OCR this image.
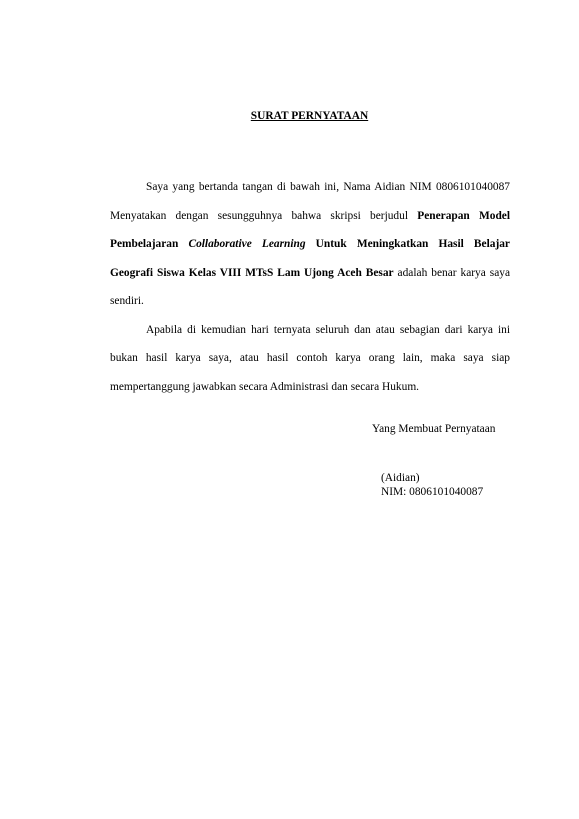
SURAT PERNYATAAN

Saya yang bertanda tangan di bawah ini, Nama Aidian NIM 0806101040087 Menyatakan dengan sesungguhnya bahwa skripsi berjudul Penerapan Model Pembelajaran Collaborative Learning Untuk Meningkatkan Hasil Belajar Geografi Siswa Kelas VIII MTsS Lam Ujong Aceh Besar adalah benar karya saya sendiri.

Apabila di kemudian hari ternyata seluruh dan atau sebagian dari karya ini bukan hasil karya saya, atau hasil contoh karya orang lain, maka saya siap mempertanggung jawabkan secara Administrasi dan secara Hukum.

Yang Membuat Pernyataan
(Aidian)
NIM: 0806101040087
